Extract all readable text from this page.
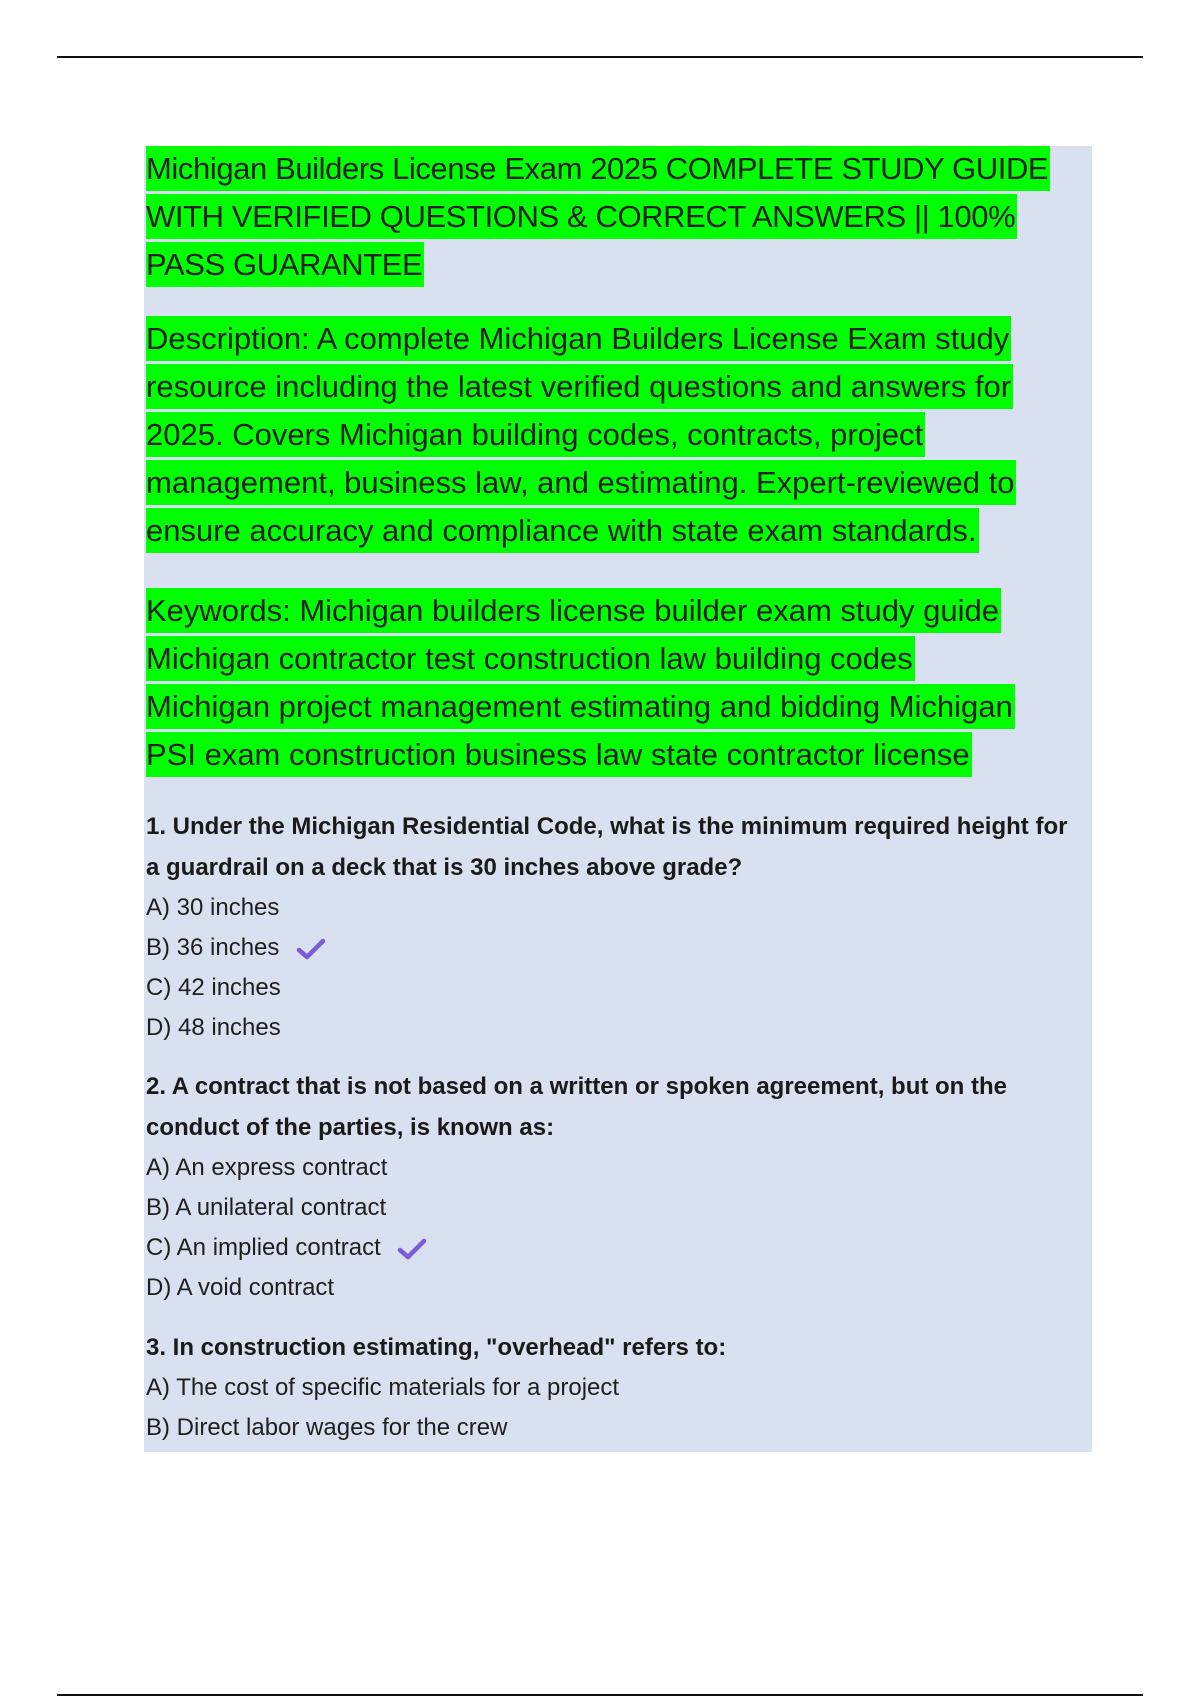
Michigan Builders License Exam 2025 COMPLETE STUDY GUIDE
WITH VERIFIED QUESTIONS & CORRECT ANSWERS || 100%
PASS GUARANTEE
Description: A complete Michigan Builders License Exam study
resource including the latest verified questions and answers for
2025. Covers Michigan building codes, contracts, project
management, business law, and estimating. Expert-reviewed to
ensure accuracy and compliance with state exam standards.
Keywords: Michigan builders license builder exam study guide
Michigan contractor test construction law building codes
Michigan project management estimating and bidding Michigan
PSI exam construction business law state contractor license
1. Under the Michigan Residential Code, what is the minimum required height for a guardrail on a deck that is 30 inches above grade?
A) 30 inches
B) 36 inches
C) 42 inches
D) 48 inches
2. A contract that is not based on a written or spoken agreement, but on the conduct of the parties, is known as:
A) An express contract
B) A unilateral contract
C) An implied contract
D) A void contract
3. In construction estimating, "overhead" refers to:
A) The cost of specific materials for a project
B) Direct labor wages for the crew
